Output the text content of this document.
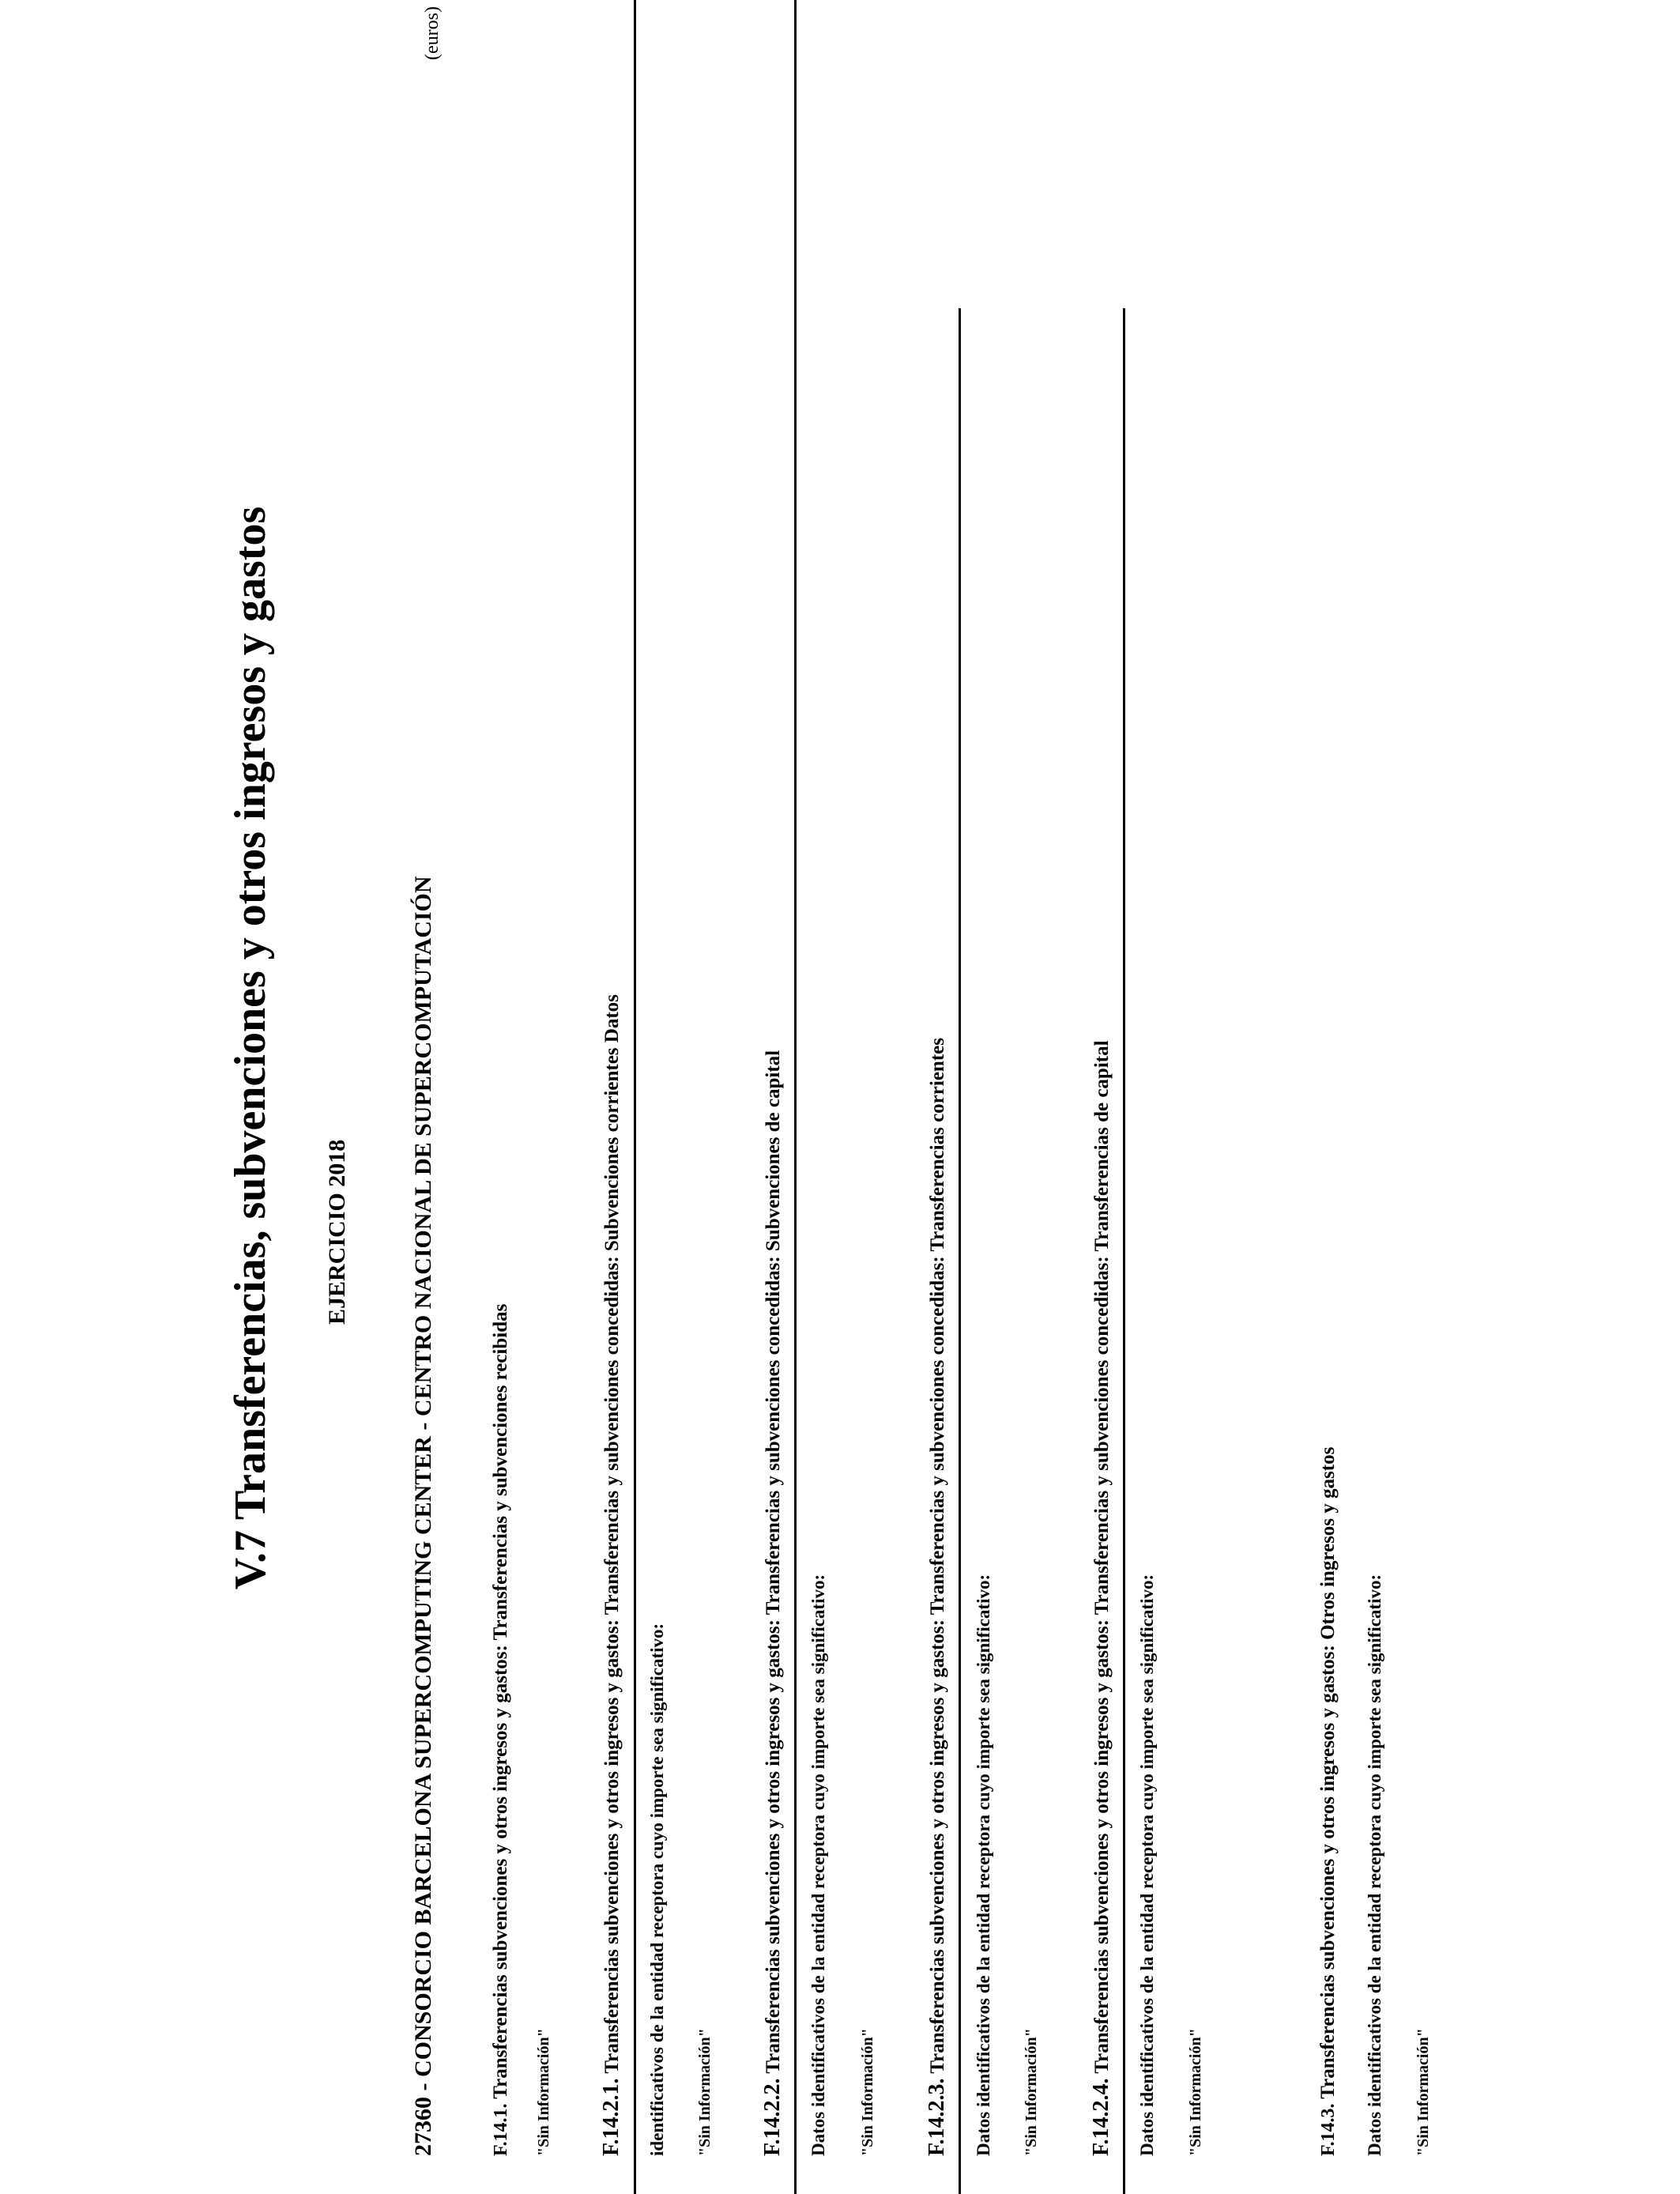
V.7 Transferencias, subvenciones y otros ingresos y gastos
(euros)
EJERCICIO 2018	27360 - CONSORCIO BARCELONA SUPERCOMPUTING CENTER - CENTRO NACIONAL DE SUPERCOMPUTACIÓN	F.14.1. Transferencias subvenciones y otros ingresos y gastos: Transferencias y subvenciones recibidas "Sin Información" F.14.2.1. Transferencias subvenciones y otros ingresos y gastos: Transferencias y subvenciones concedidas: Subvenciones corrientes Datos identificativos de la entidad receptora cuyo importe sea significativo: "Sin Información" F.14.2.2. Transferencias subvenciones y otros ingresos y gastos: Transferencias y subvenciones concedidas: Subvenciones de capital Datos identificativos de la entidad receptora cuyo importe sea significativo: "Sin Información" F.14.2.3. Transferencias subvenciones y otros ingresos y gastos: Transferencias y subvenciones concedidas: Transferencias corrientes Datos identificativos de la entidad receptora cuyo importe sea significativo: "Sin Información" F.14.2.4. Transferencias subvenciones y otros ingresos y gastos: Transferencias y subvenciones concedidas: Transferencias de capital Datos identificativos de la entidad receptora cuyo importe sea significativo: "Sin Información"	F.14.3. Transferencias subvenciones y otros ingresos y gastos: Otros ingresos y gastos Datos identificativos de la entidad receptora cuyo importe sea significativo: "Sin Información"
